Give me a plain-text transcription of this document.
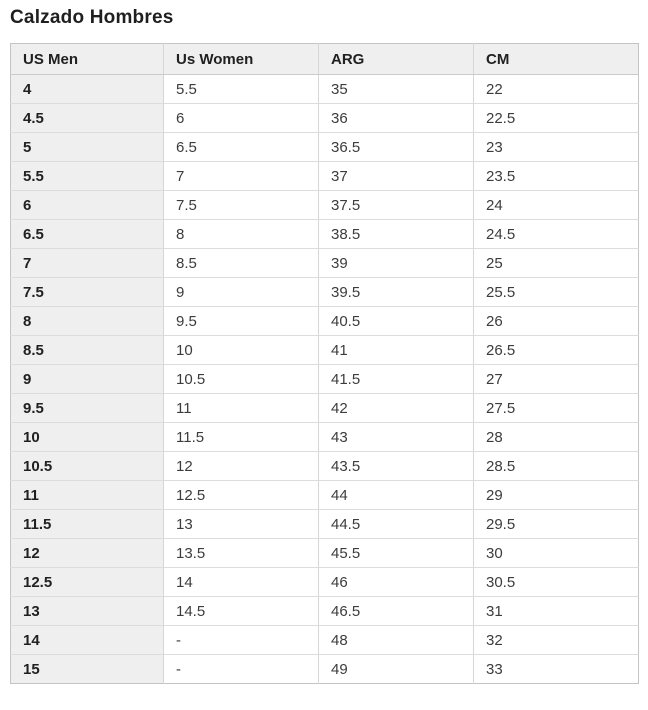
Calzado Hombres
US Men	Us Women	ARG	CM
4	5.5	35	22
4.5	6	36	22.5
5	6.5	36.5	23
5.5	7	37	23.5
6	7.5	37.5	24
6.5	8	38.5	24.5
7	8.5	39	25
7.5	9	39.5	25.5
8	9.5	40.5	26
8.5	10	41	26.5
9	10.5	41.5	27
9.5	11	42	27.5
10	11.5	43	28
10.5	12	43.5	28.5
11	12.5	44	29
11.5	13	44.5	29.5
12	13.5	45.5	30
12.5	14	46	30.5
13	14.5	46.5	31
14	-	48	32
15	-	49	33
